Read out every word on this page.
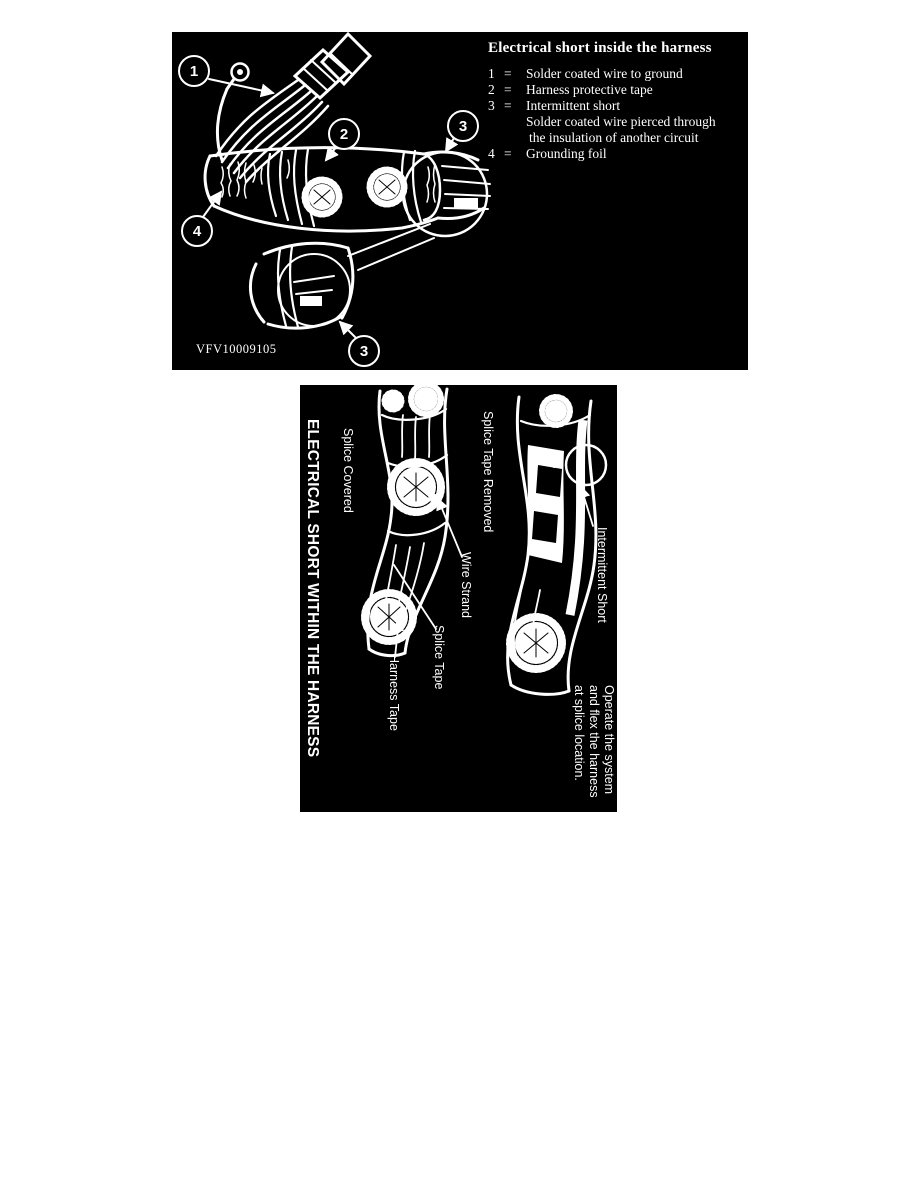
1
2	3
4
3
Electrical short inside the harness
1 =	Solder coated wire to ground
2 =	Harness protective tape
3 =	Intermittent short
Solder coated wire pierced through
the insulation of another circuit
4 =	Grounding foil
VFV10009105
ELECTRICAL SHORT WITHIN THE HARNESS Splice Covered	Splice Tape Removed
Wire Strand
Splice Tape
Harness Tape
Intermittent Short
Operate the system
and flex the harness
at splice location.
